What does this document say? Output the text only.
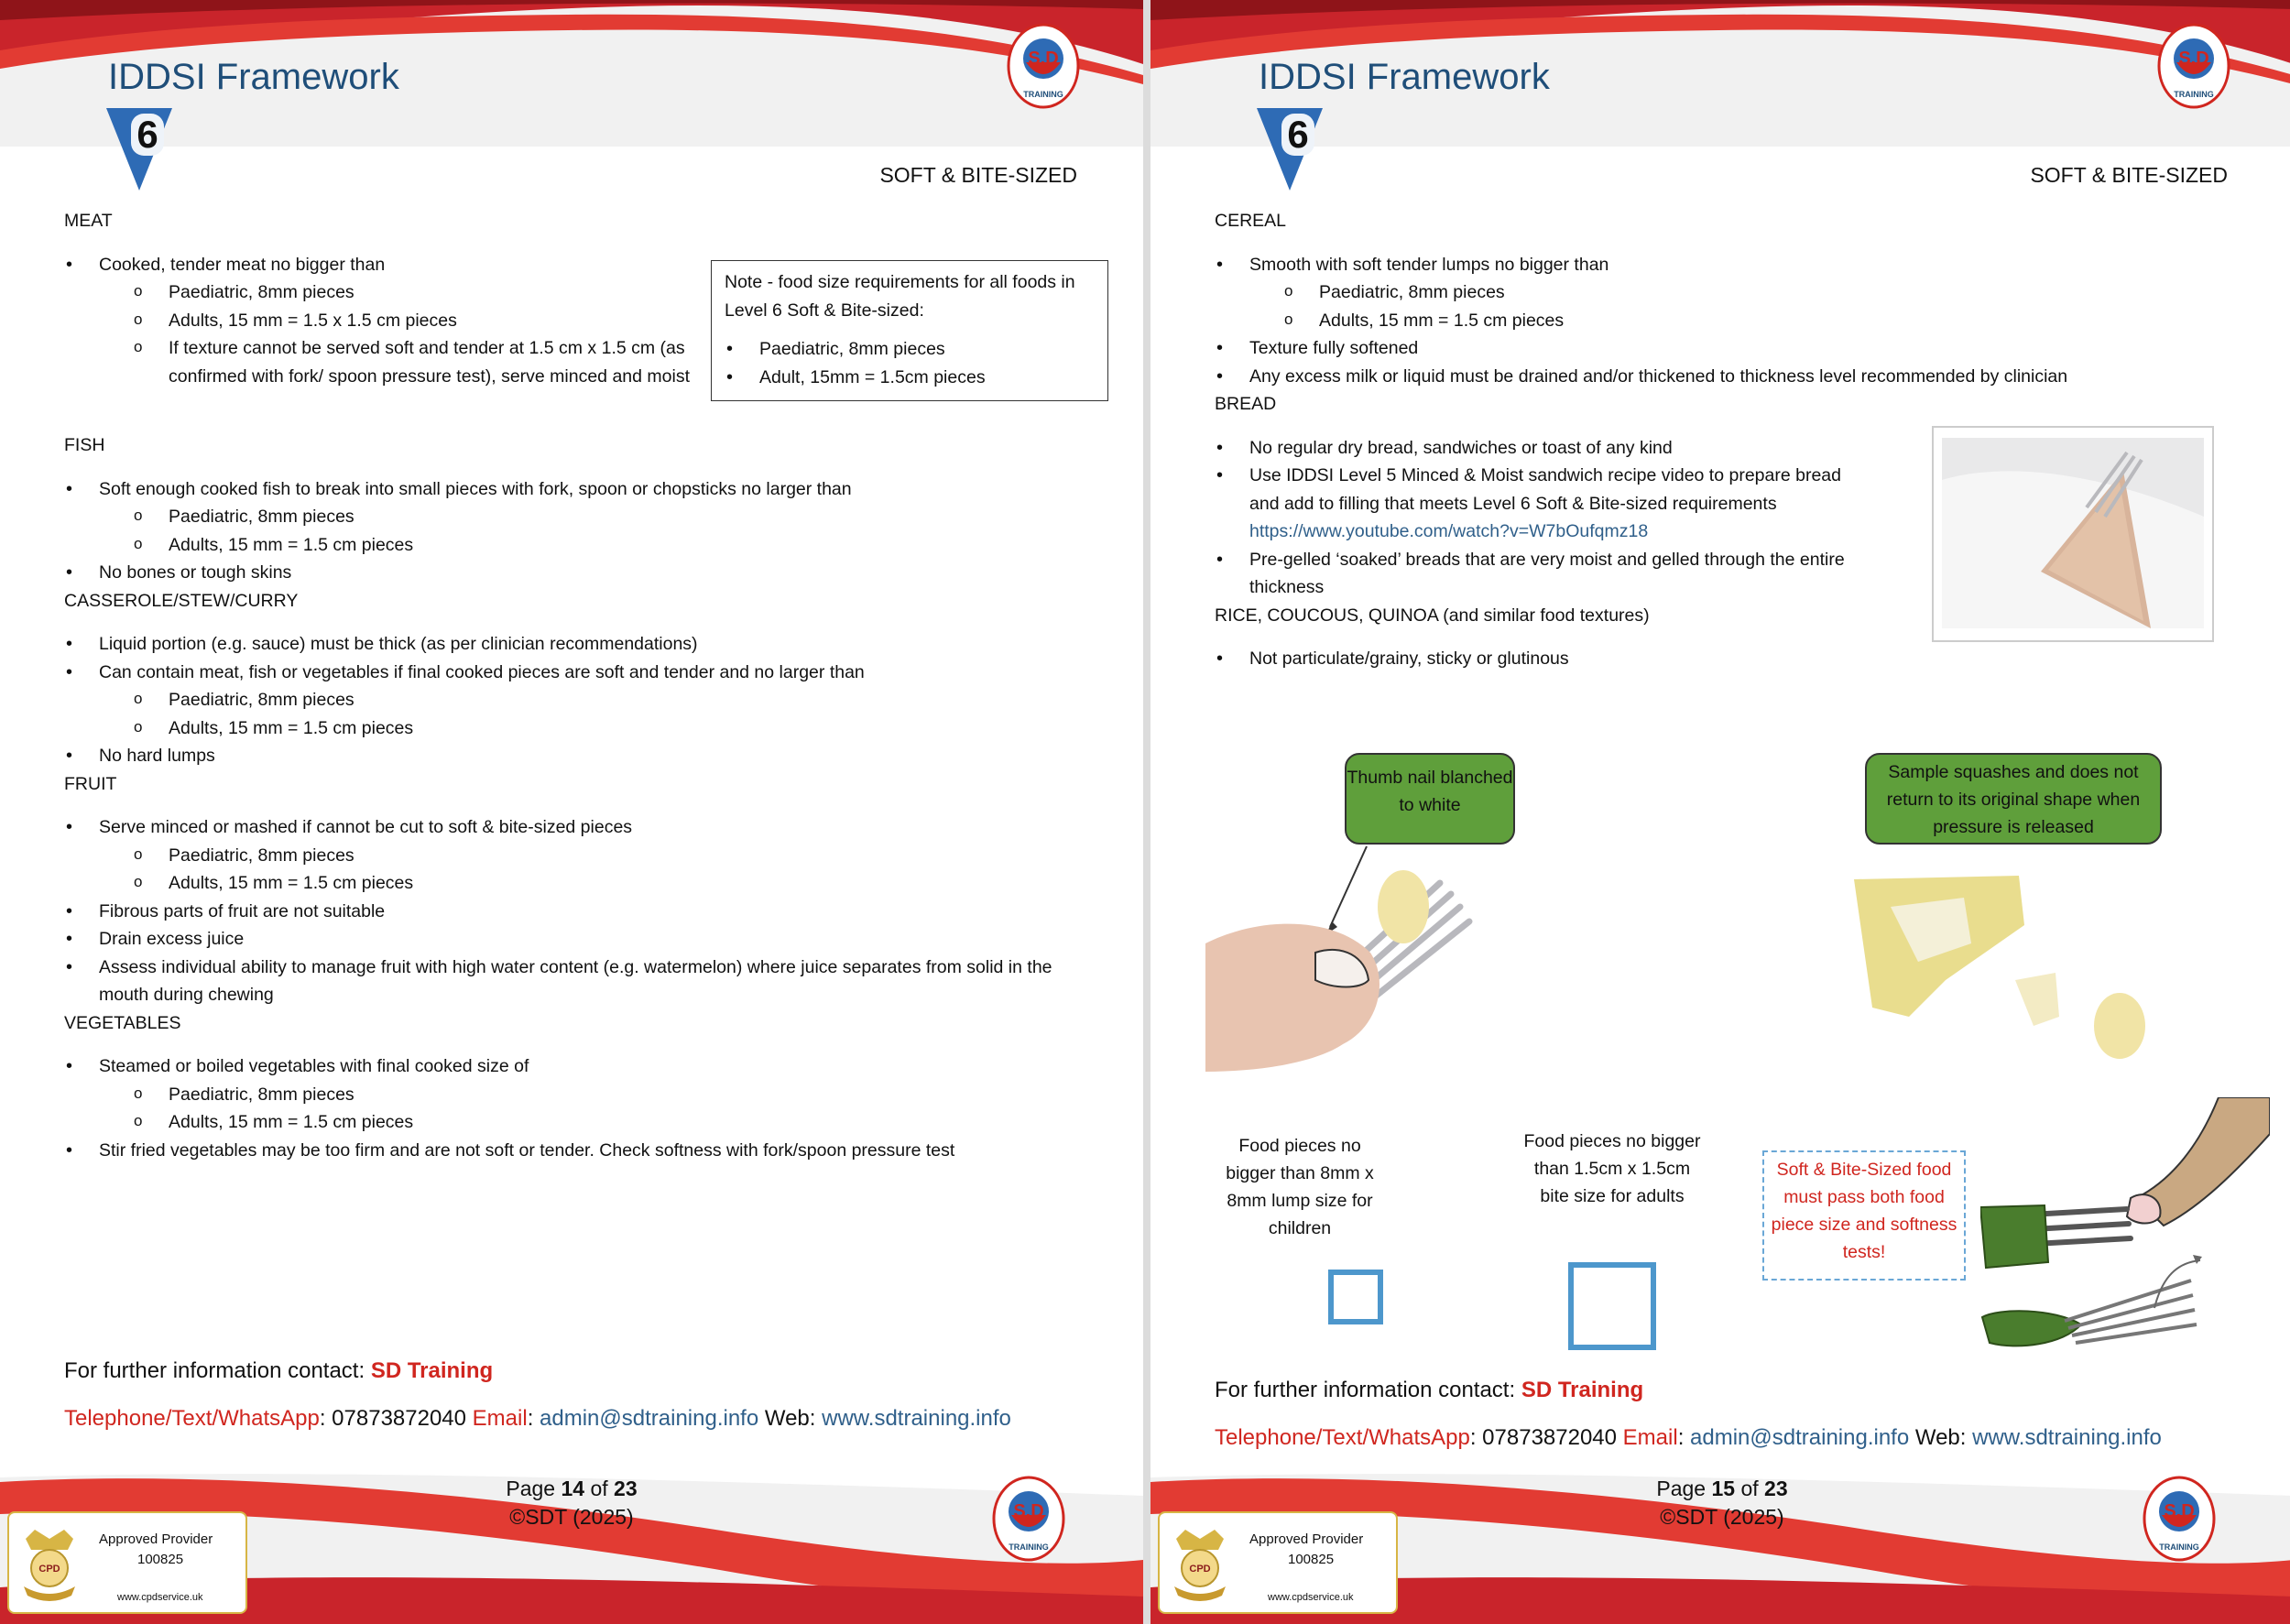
IDDSI Framework
6
S.D
TRAINING
SOFT & BITE-SIZED
Note - food size requirements for all foods in Level 6 Soft & Bite-sized:
• Paediatric, 8mm pieces
• Adult, 15mm = 1.5cm pieces

MEAT

• Cooked, tender meat no bigger than
o Paediatric, 8mm pieces
o Adults, 15 mm = 1.5 x 1.5 cm pieces
o If texture cannot be served soft and tender at 1.5 cm x 1.5 cm (as confirmed with fork/ spoon pressure test), serve minced and moist

FISH

• Soft enough cooked fish to break into small pieces with fork, spoon or chopsticks no larger than
o Paediatric, 8mm pieces
o Adults, 15 mm = 1.5 cm pieces
• No bones or tough skins

CASSEROLE/STEW/CURRY

• Liquid portion (e.g. sauce) must be thick (as per clinician recommendations)
• Can contain meat, fish or vegetables if final cooked pieces are soft and tender and no larger than
o Paediatric, 8mm pieces
o Adults, 15 mm = 1.5 cm pieces
• No hard lumps

FRUIT

• Serve minced or mashed if cannot be cut to soft & bite-sized pieces
o Paediatric, 8mm pieces
o Adults, 15 mm = 1.5 cm pieces
• Fibrous parts of fruit are not suitable
• Drain excess juice
• Assess individual ability to manage fruit with high water content (e.g. watermelon) where juice separates from solid in the mouth during chewing

VEGETABLES

• Steamed or boiled vegetables with final cooked size of
o Paediatric, 8mm pieces
o Adults, 15 mm = 1.5 cm pieces
• Stir fried vegetables may be too firm and are not soft or tender. Check softness with fork/spoon pressure test
For further information contact: SD Training
Telephone/Text/WhatsApp: 07873872040 Email: admin@sdtraining.info Web: www.sdtraining.info
Page 14 of 23
©SDT (2025)
CPD
Approved Provider
100825
www.cpdservice.uk
S.D
TRAINING
IDDSI Framework
6
S.D
TRAINING
SOFT & BITE-SIZED

CEREAL

• Smooth with soft tender lumps no bigger than
o Paediatric, 8mm pieces
o Adults, 15 mm = 1.5 cm pieces
• Texture fully softened
• Any excess milk or liquid must be drained and/or thickened to thickness level recommended by clinician

BREAD

• No regular dry bread, sandwiches or toast of any kind
• Use IDDSI Level 5 Minced & Moist sandwich recipe video to prepare bread and add to filling that meets Level 6 Soft & Bite-sized requirements
https://www.youtube.com/watch?v=W7bOufqmz18
• Pre-gelled ‘soaked’ breads that are very moist and gelled through the entire thickness

RICE, COUCOUS, QUINOA (and similar food textures)

• Not particulate/grainy, sticky or glutinous
Thumb nail blanched to white
Sample squashes and does not return to its original shape when pressure is released
Food pieces no bigger than 8mm x 8mm lump size for children
Food pieces no bigger than 1.5cm x 1.5cm bite size for adults
Soft & Bite-Sized food must pass both food piece size and softness tests!
For further information contact: SD Training
Telephone/Text/WhatsApp: 07873872040 Email: admin@sdtraining.info Web: www.sdtraining.info
Page 15 of 23
©SDT (2025)
CPD
Approved Provider
100825
www.cpdservice.uk
S.D
TRAINING
